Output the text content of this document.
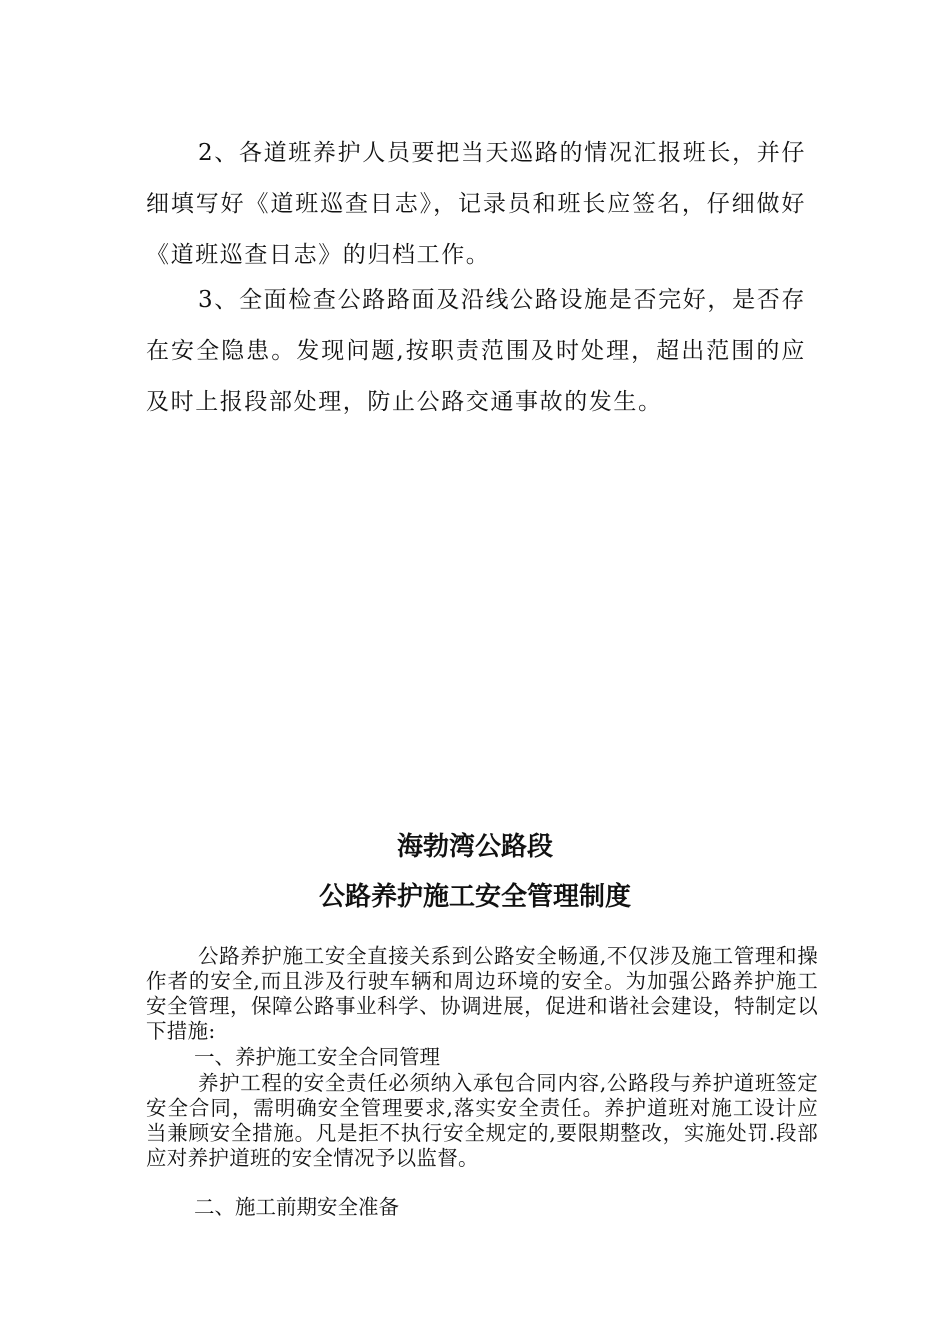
2、各道班养护人员要把当天巡路的情况汇报班长，并仔细填写好《道班巡查日志》，记录员和班长应签名，仔细做好《道班巡查日志》的归档工作。

3、全面检查公路路面及沿线公路设施是否完好，是否存在安全隐患。发现问题,按职责范围及时处理，超出范围的应及时上报段部处理，防止公路交通事故的发生。

海勃湾公路段
公路养护施工安全管理制度

公路养护施工安全直接关系到公路安全畅通,不仅涉及施工管理和操作者的安全,而且涉及行驶车辆和周边环境的安全。为加强公路养护施工安全管理，保障公路事业科学、协调进展，促进和谐社会建设，特制定以下措施:

一、养护施工安全合同管理

养护工程的安全责任必须纳入承包合同内容,公路段与养护道班签定安全合同，需明确安全管理要求,落实安全责任。养护道班对施工设计应当兼顾安全措施。凡是拒不执行安全规定的,要限期整改，实施处罚.段部应对养护道班的安全情况予以监督。

二、施工前期安全准备
